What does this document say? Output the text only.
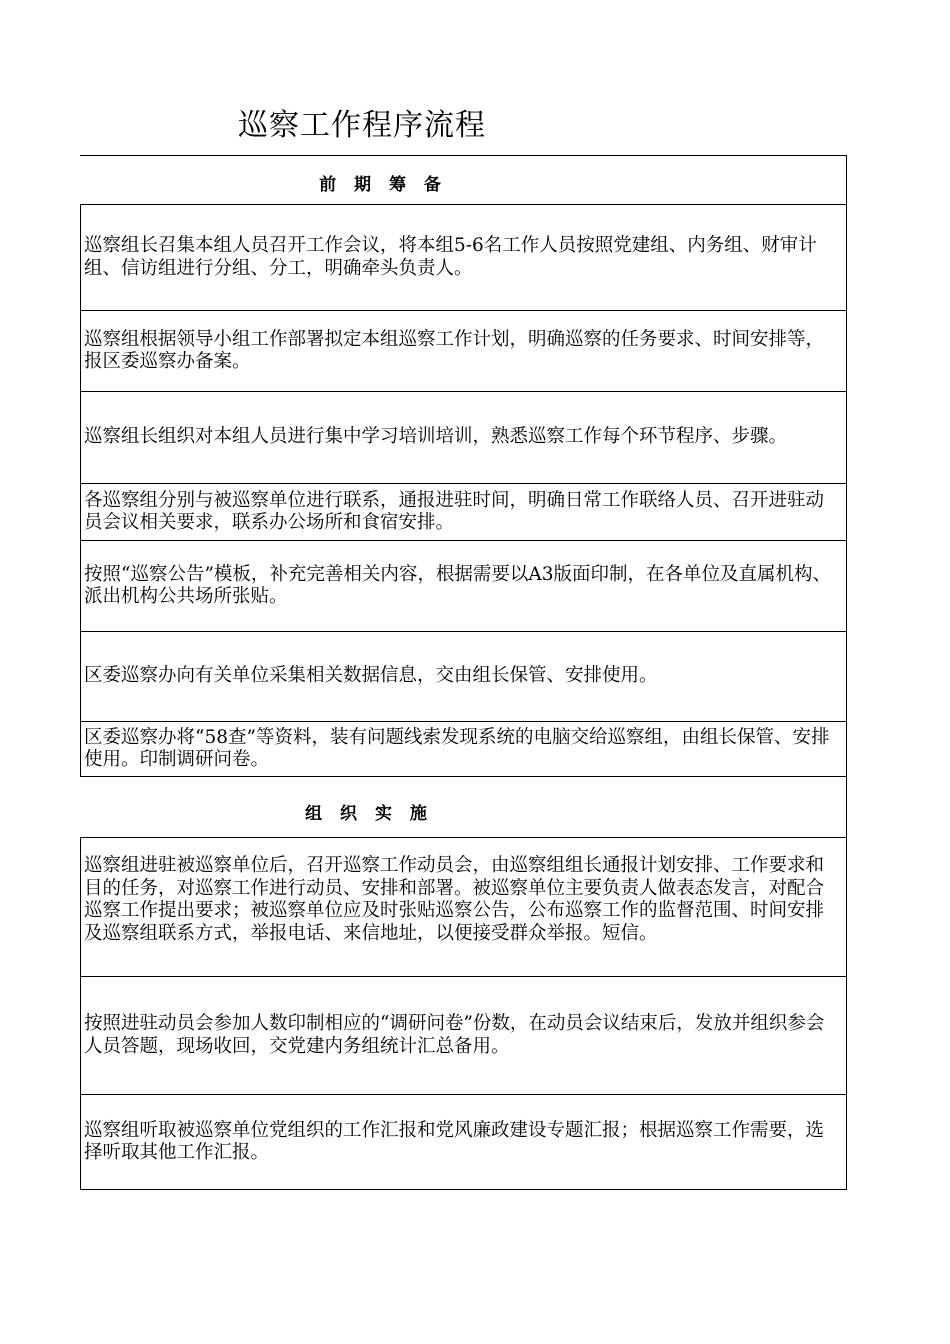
巡察工作程序流程
前 期 筹 备
巡察组长召集本组人员召开工作会议，将本组5-6名工作人员按照党建组、内务组、财审计组、信访组进行分组、分工，明确牵头负责人。
巡察组根据领导小组工作部署拟定本组巡察工作计划，明确巡察的任务要求、时间安排等，报区委巡察办备案。
巡察组长组织对本组人员进行集中学习培训培训，熟悉巡察工作每个环节程序、步骤。
各巡察组分别与被巡察单位进行联系，通报进驻时间，明确日常工作联络人员、召开进驻动员会议相关要求，联系办公场所和食宿安排。
按照“巡察公告”模板，补充完善相关内容，根据需要以A3版面印制，在各单位及直属机构、派出机构公共场所张贴。
区委巡察办向有关单位采集相关数据信息，交由组长保管、安排使用。
区委巡察办将“58查”等资料，装有问题线索发现系统的电脑交给巡察组，由组长保管、安排使用。印制调研问卷。
组 织 实 施
巡察组进驻被巡察单位后，召开巡察工作动员会，由巡察组组长通报计划安排、工作要求和目的任务，对巡察工作进行动员、安排和部署。被巡察单位主要负责人做表态发言，对配合巡察工作提出要求；被巡察单位应及时张贴巡察公告，公布巡察工作的监督范围、时间安排及巡察组联系方式，举报电话、来信地址，以便接受群众举报。短信。
按照进驻动员会参加人数印制相应的“调研问卷”份数，在动员会议结束后，发放并组织参会人员答题，现场收回，交党建内务组统计汇总备用。
巡察组听取被巡察单位党组织的工作汇报和党风廉政建设专题汇报；根据巡察工作需要，选择听取其他工作汇报。
